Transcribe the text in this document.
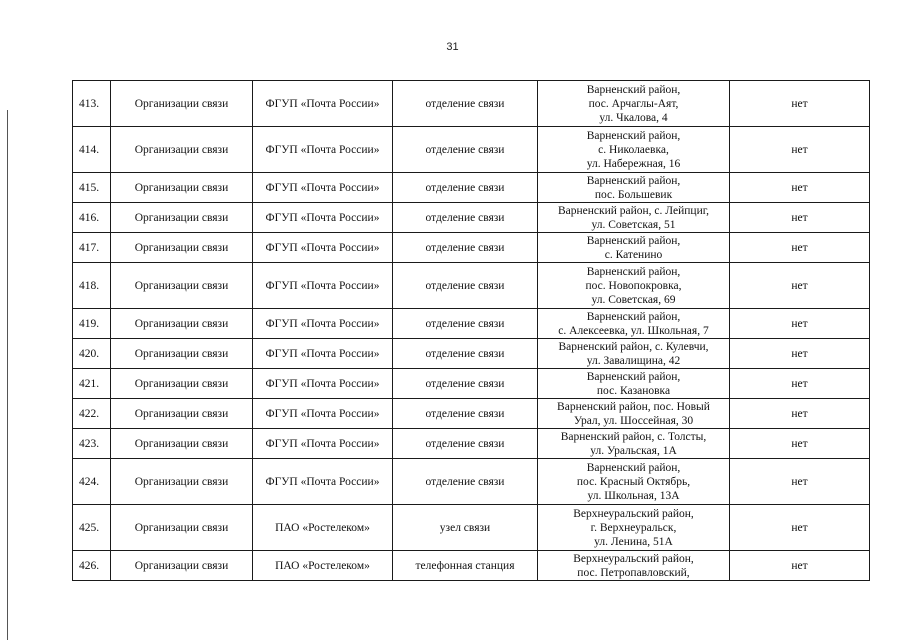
31
413.	Организации связи	ФГУП «Почта России»	отделение связи	Варненский район,
пос. Арчаглы-Аят,
ул. Чкалова, 4	нет
414.	Организации связи	ФГУП «Почта России»	отделение связи	Варненский район,
с. Николаевка,
ул. Набережная, 16	нет
415.	Организации связи	ФГУП «Почта России»	отделение связи	Варненский район,
пос. Большевик	нет
416.	Организации связи	ФГУП «Почта России»	отделение связи	Варненский район, с. Лейпциг,
ул. Советская, 51	нет
417.	Организации связи	ФГУП «Почта России»	отделение связи	Варненский район,
с. Катенино	нет
418.	Организации связи	ФГУП «Почта России»	отделение связи	Варненский район,
пос. Новопокровка,
ул. Советская, 69	нет
419.	Организации связи	ФГУП «Почта России»	отделение связи	Варненский район,
с. Алексеевка, ул. Школьная, 7	нет
420.	Организации связи	ФГУП «Почта России»	отделение связи	Варненский район, с. Кулевчи,
ул. Завалищина, 42	нет
421.	Организации связи	ФГУП «Почта России»	отделение связи	Варненский район,
пос. Казановка	нет
422.	Организации связи	ФГУП «Почта России»	отделение связи	Варненский район, пос. Новый
Урал, ул. Шоссейная, 30	нет
423.	Организации связи	ФГУП «Почта России»	отделение связи	Варненский район, с. Толсты,
ул. Уральская, 1А	нет
424.	Организации связи	ФГУП «Почта России»	отделение связи	Варненский район,
пос. Красный Октябрь,
ул. Школьная, 13А	нет
425.	Организации связи	ПАО «Ростелеком»	узел связи	Верхнеуральский район,
г. Верхнеуральск,
ул. Ленина, 51А	нет
426.	Организации связи	ПАО «Ростелеком»	телефонная станция	Верхнеуральский район,
пос. Петропавловский,	нет
